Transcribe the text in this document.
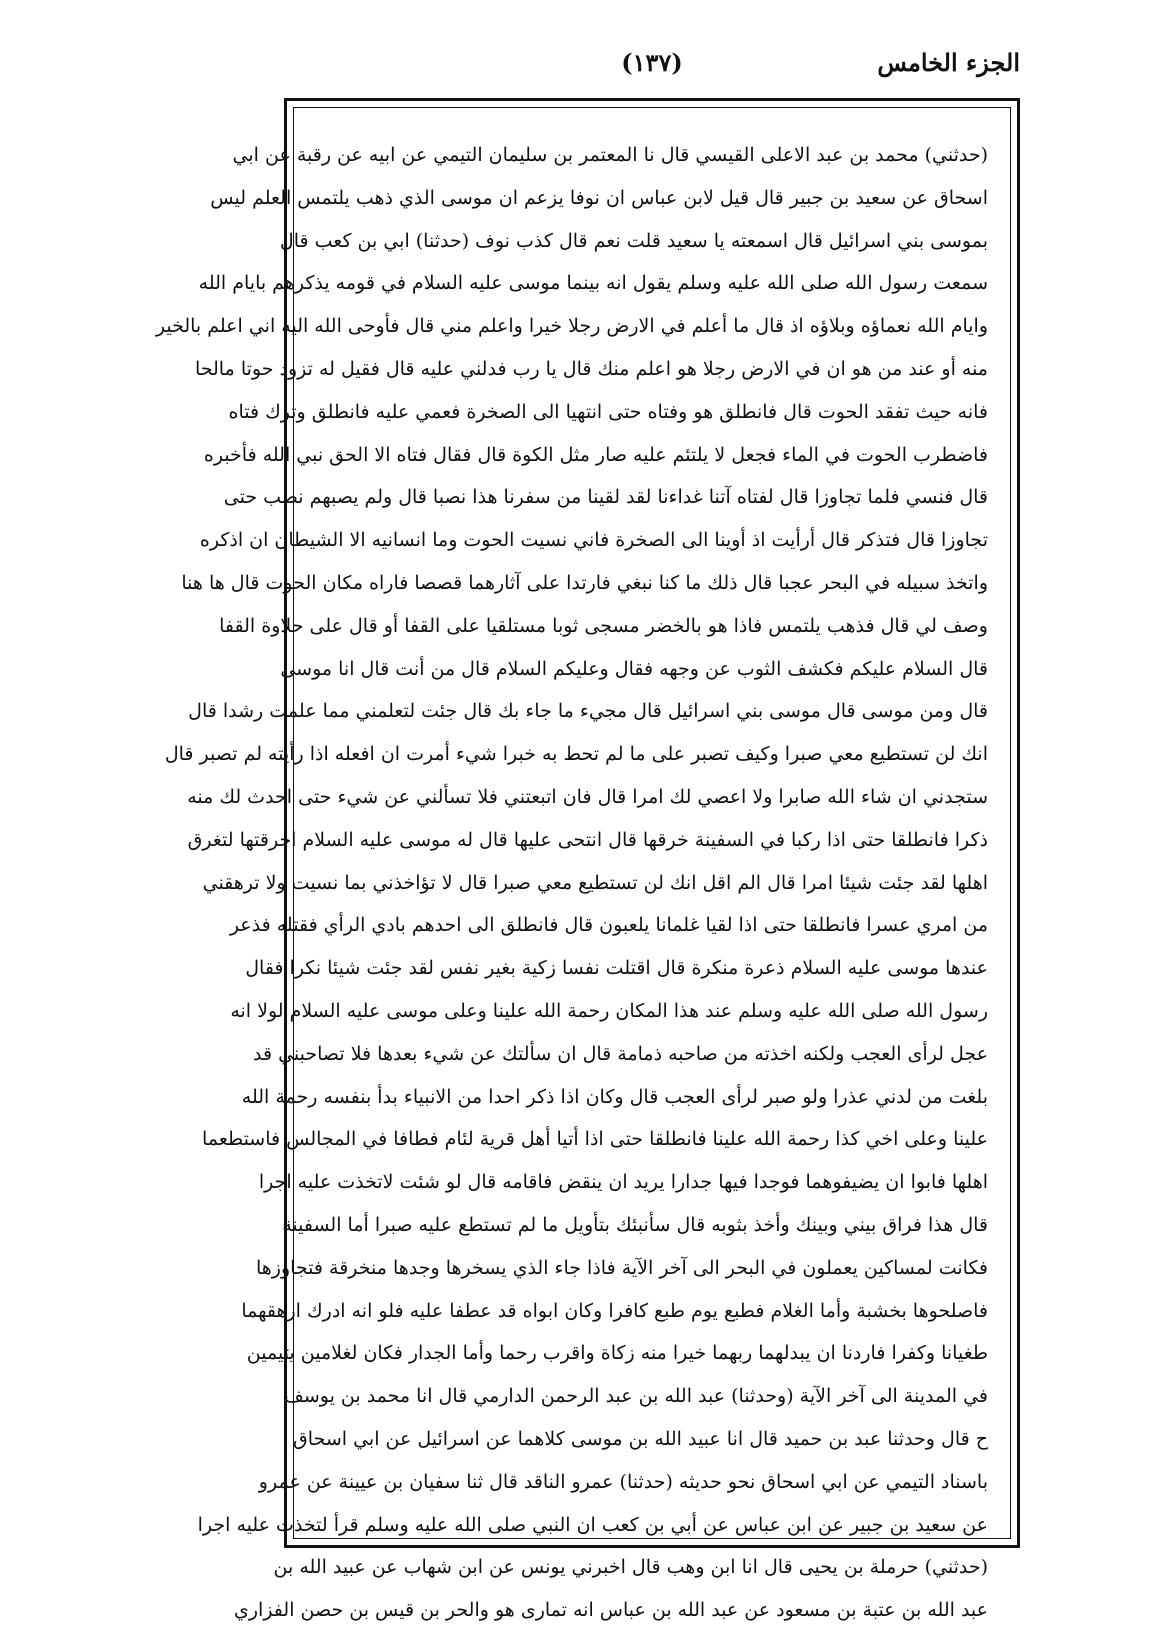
الجزء الخامس
(١٣٧)
(حدثني) محمد بن عبد الاعلى القيسي قال نا المعتمر بن سليمان التيمي عن ابيه عن رقبة عن ابي
اسحاق عن سعيد بن جبير قال قيل لابن عباس ان نوفا يزعم ان موسى الذي ذهب يلتمس العلم ليس
بموسى بني اسرائيل قال اسمعته يا سعيد قلت نعم قال كذب نوف (حدثنا) ابي بن كعب قال
سمعت رسول الله صلى الله عليه وسلم يقول انه بينما موسى عليه السلام في قومه يذكرهم بايام الله
وايام الله نعماؤه وبلاؤه اذ قال ما أعلم في الارض رجلا خيرا واعلم مني قال فأوحى الله اليه اني اعلم بالخير
منه أو عند من هو ان في الارض رجلا هو اعلم منك قال يا رب فدلني عليه قال فقيل له تزود حوتا مالحا
فانه حيث تفقد الحوت قال فانطلق هو وفتاه حتى انتهيا الى الصخرة فعمي عليه فانطلق وترك فتاه
فاضطرب الحوت في الماء فجعل لا يلتئم عليه صار مثل الكوة قال فقال فتاه الا الحق نبي الله فأخبره
قال فنسي فلما تجاوزا قال لفتاه آتنا غداءنا لقد لقينا من سفرنا هذا نصبا قال ولم يصبهم نصب حتى
تجاوزا قال فتذكر قال أرأيت اذ أوينا الى الصخرة فاني نسيت الحوت وما انسانيه الا الشيطان ان اذكره
واتخذ سبيله في البحر عجبا قال ذلك ما كنا نبغي فارتدا على آثارهما قصصا فاراه مكان الحوت قال ها هنا
وصف لي قال فذهب يلتمس فاذا هو بالخضر مسجى ثوبا مستلقيا على القفا أو قال على حلاوة القفا
قال السلام عليكم فكشف الثوب عن وجهه فقال وعليكم السلام قال من أنت قال انا موسى
قال ومن موسى قال موسى بني اسرائيل قال مجيء ما جاء بك قال جئت لتعلمني مما علمت رشدا قال
انك لن تستطيع معي صبرا وكيف تصبر على ما لم تحط به خبرا شيء أمرت ان افعله اذا رأيته لم تصبر قال
ستجدني ان شاء الله صابرا ولا اعصي لك امرا قال فان اتبعتني فلا تسألني عن شيء حتى احدث لك منه
ذكرا فانطلقا حتى اذا ركبا في السفينة خرقها قال انتحى عليها قال له موسى عليه السلام اخرقتها لتغرق
اهلها لقد جئت شيئا امرا قال الم اقل انك لن تستطيع معي صبرا قال لا تؤاخذني بما نسيت ولا ترهقني
من امري عسرا فانطلقا حتى اذا لقيا غلمانا يلعبون قال فانطلق الى احدهم بادي الرأي فقتله فذعر
عندها موسى عليه السلام ذعرة منكرة قال اقتلت نفسا زكية بغير نفس لقد جئت شيئا نكرا فقال
رسول الله صلى الله عليه وسلم عند هذا المكان رحمة الله علينا وعلى موسى عليه السلام لولا انه
عجل لرأى العجب ولكنه اخذته من صاحبه ذمامة قال ان سألتك عن شيء بعدها فلا تصاحبني قد
بلغت من لدني عذرا ولو صبر لرأى العجب قال وكان اذا ذكر احدا من الانبياء بدأ بنفسه رحمة الله
علينا وعلى اخي كذا رحمة الله علينا فانطلقا حتى اذا أتيا أهل قرية لئام فطافا في المجالس فاستطعما
اهلها فابوا ان يضيفوهما فوجدا فيها جدارا يريد ان ينقض فاقامه قال لو شئت لاتخذت عليه اجرا
قال هذا فراق بيني وبينك وأخذ بثوبه قال سأنبئك بتأويل ما لم تستطع عليه صبرا أما السفينة
فكانت لمساكين يعملون في البحر الى آخر الآية فاذا جاء الذي يسخرها وجدها منخرقة فتجاوزها
فاصلحوها بخشبة وأما الغلام فطبع يوم طبع كافرا وكان ابواه قد عطفا عليه فلو انه ادرك ارهقهما
طغيانا وكفرا فاردنا ان يبدلهما ربهما خيرا منه زكاة واقرب رحما وأما الجدار فكان لغلامين يتيمين
في المدينة الى آخر الآية (وحدثنا) عبد الله بن عبد الرحمن الدارمي قال انا محمد بن يوسف
ح قال وحدثنا عبد بن حميد قال انا عبيد الله بن موسى كلاهما عن اسرائيل عن ابي اسحاق
باسناد التيمي عن ابي اسحاق نحو حديثه (حدثنا) عمرو الناقد قال ثنا سفيان بن عيينة عن عمرو
عن سعيد بن جبير عن ابن عباس عن أبي بن كعب ان النبي صلى الله عليه وسلم قرأ لتخذت عليه اجرا
(حدثني) حرملة بن يحيى قال انا ابن وهب قال اخبرني يونس عن ابن شهاب عن عبيد الله بن
عبد الله بن عتبة بن مسعود عن عبد الله بن عباس انه تمارى هو والحر بن قيس بن حصن الفزاري
